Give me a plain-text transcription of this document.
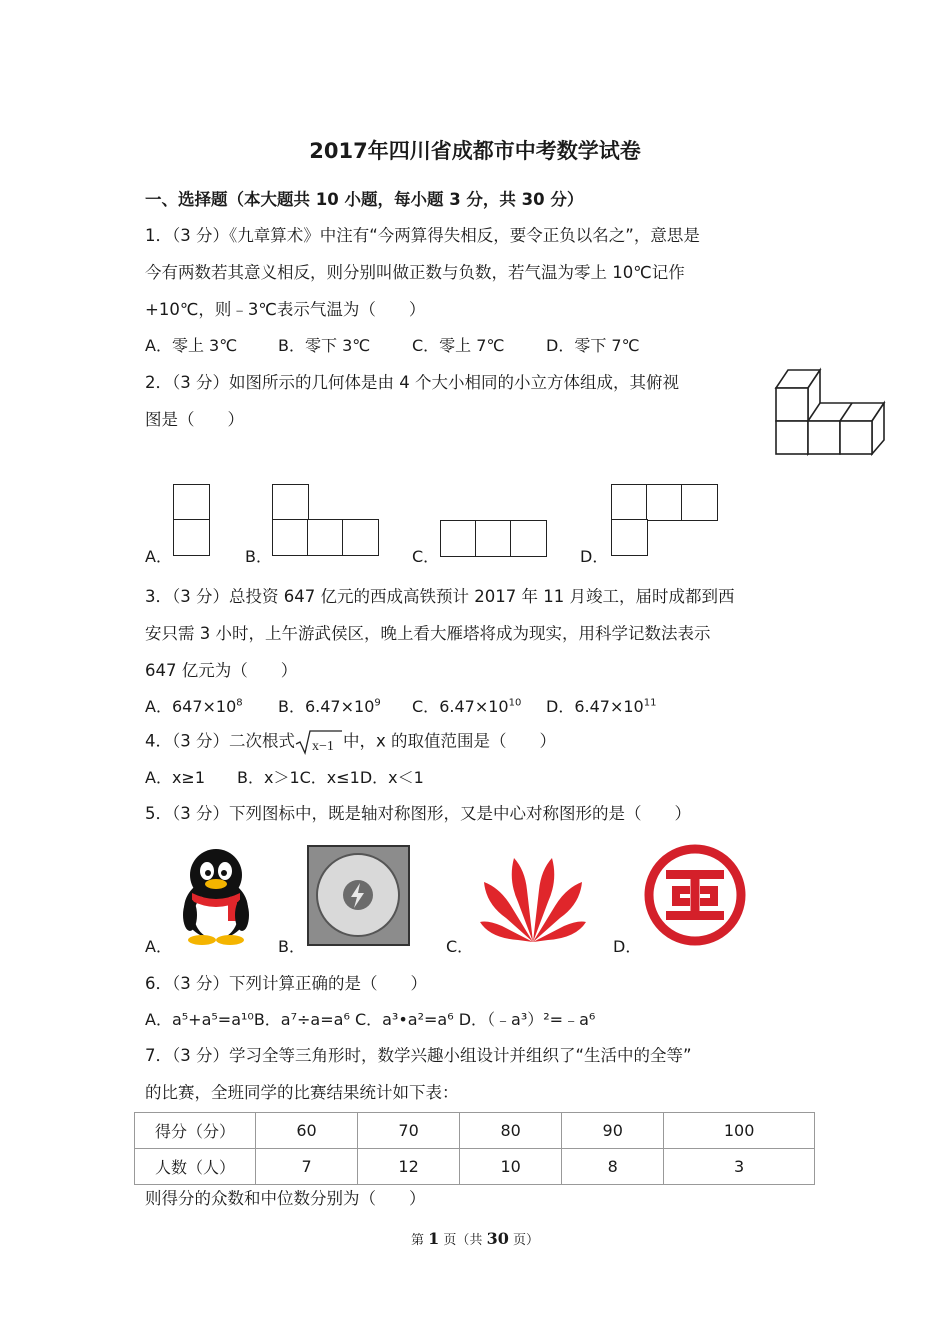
2017年四川省成都市中考数学试卷
一、选择题（本大题共 10 小题，每小题 3 分，共 30 分）
1．（3 分）《九章算术》中注有“今两算得失相反，要令正负以名之”，意思是
今有两数若其意义相反，则分别叫做正数与负数，若气温为零上 10℃记作
+10℃，则﹣3℃表示气温为（　　）
A．零上 3℃	B．零下 3℃	C．零上 7℃	D．零下 7℃
2．（3 分）如图所示的几何体是由 4 个大小相同的小立方体组成，其俯视
图是（　　）
A．	B．	C．	D．
3．（3 分）总投资 647 亿元的西成高铁预计 2017 年 11 月竣工，届时成都到西
安只需 3 小时，上午游武侯区，晚上看大雁塔将成为现实，用科学记数法表示
647 亿元为（　　）
A．$647\times 10^8$ B．$6.47\times 10^9$ C．$6.47\times 10^{10}$ D．$6.47\times 10^{11}$
4．（3 分）二次根式 x−1 中，x 的取值范围是（　　）
A．x≥1　　B．x＞1C．x≤1D．x＜1
5．（3 分）下列图标中，既是轴对称图形，又是中心对称图形的是（　　）
A．	B．	C．	D．
6．（3 分）下列计算正确的是（　　）
A．a⁵+a⁵=a¹⁰B．a⁷÷a=a⁶ C．a³•a²=a⁶ D．（﹣a³）²=﹣a⁶
7．（3 分）学习全等三角形时，数学兴趣小组设计并组织了“生活中的全等”
的比赛，全班同学的比赛结果统计如下表：
得分（分）	60	70	80	90	100
人数（人）	7	12	10	8	3
则得分的众数和中位数分别为（　　）
第 1 页（共 30 页）
